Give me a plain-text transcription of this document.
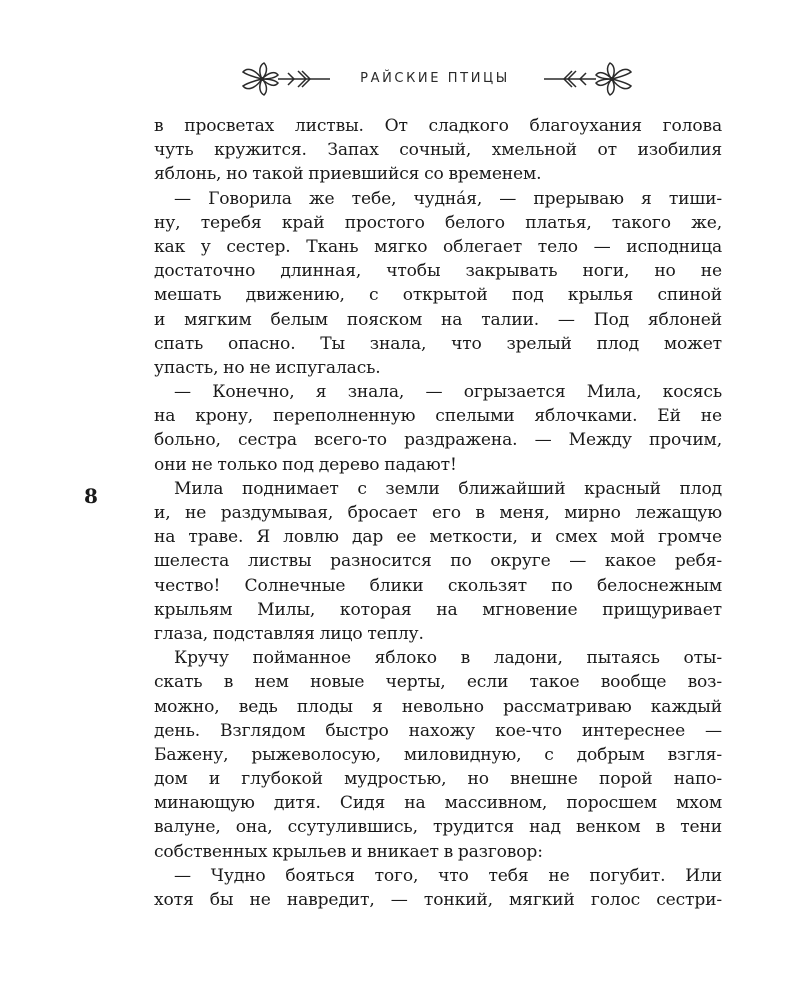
РАЙСКИЕ ПТИЦЫ
8
в просветах листвы. От сладкого благоухания голова
чуть кружится. Запах сочный, хмельной от изобилия
яблонь, но такой приевшийся со временем.
— Говорила же тебе, чудна́я, — прерываю я тиши-
ну, теребя край простого белого платья, такого же,
как у сестер. Ткань мягко облегает тело — исподница
достаточно длинная, чтобы закрывать ноги, но не
мешать движению, с открытой под крылья спиной
и мягким белым пояском на талии. — Под яблоней
спать опасно. Ты знала, что зрелый плод может
упасть, но не испугалась.
— Конечно, я знала, — огрызается Мила, косясь
на крону, переполненную спелыми яблочками. Ей не
больно, сестра всего-то раздражена. — Между прочим,
они не только под дерево падают!
Мила поднимает с земли ближайший красный плод
и, не раздумывая, бросает его в меня, мирно лежащую
на траве. Я ловлю дар ее меткости, и смех мой громче
шелеста листвы разносится по округе — какое ребя-
чество! Солнечные блики скользят по белоснежным
крыльям Милы, которая на мгновение прищуривает
глаза, подставляя лицо теплу.
Кручу пойманное яблоко в ладони, пытаясь оты-
скать в нем новые черты, если такое вообще воз-
можно, ведь плоды я невольно рассматриваю каждый
день. Взглядом быстро нахожу кое-что интереснее —
Бажену, рыжеволосую, миловидную, с добрым взгля-
дом и глубокой мудростью, но внешне порой напо-
минающую дитя. Сидя на массивном, поросшем мхом
валуне, она, ссутулившись, трудится над венком в тени
собственных крыльев и вникает в разговор:
— Чудно бояться того, что тебя не погубит. Или
хотя бы не навредит, — тонкий, мягкий голос сестри-
